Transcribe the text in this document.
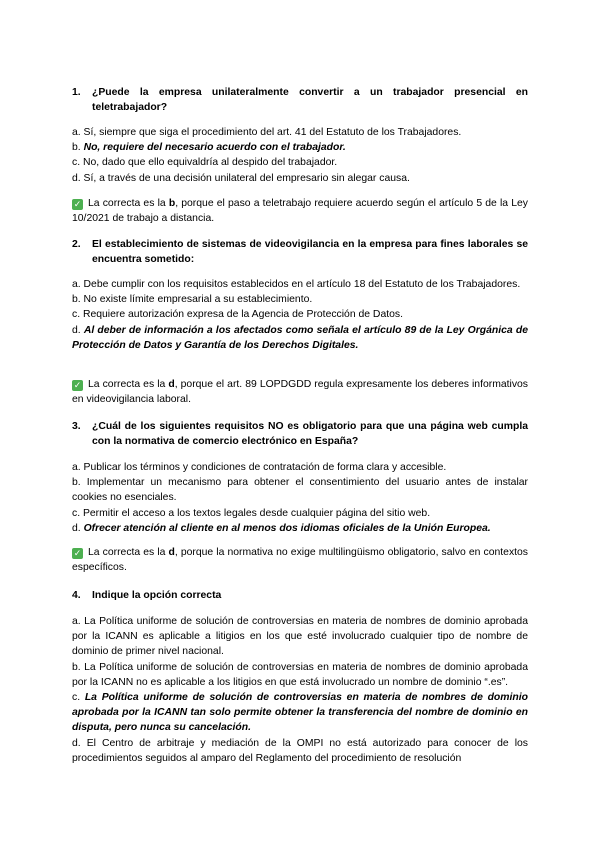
1. ¿Puede la empresa unilateralmente convertir a un trabajador presencial en teletrabajador?
a. Sí, siempre que siga el procedimiento del art. 41 del Estatuto de los Trabajadores.
b. No, requiere del necesario acuerdo con el trabajador.
c. No, dado que ello equivaldría al despido del trabajador.
d. Sí, a través de una decisión unilateral del empresario sin alegar causa.
✓ La correcta es la b, porque el paso a teletrabajo requiere acuerdo según el artículo 5 de la Ley 10/2021 de trabajo a distancia.
2. El establecimiento de sistemas de videovigilancia en la empresa para fines laborales se encuentra sometido:
a. Debe cumplir con los requisitos establecidos en el artículo 18 del Estatuto de los Trabajadores.
b. No existe límite empresarial a su establecimiento.
c. Requiere autorización expresa de la Agencia de Protección de Datos.
d. Al deber de información a los afectados como señala el artículo 89 de la Ley Orgánica de Protección de Datos y Garantía de los Derechos Digitales.
✓ La correcta es la d, porque el art. 89 LOPDGDD regula expresamente los deberes informativos en videovigilancia laboral.
3. ¿Cuál de los siguientes requisitos NO es obligatorio para que una página web cumpla con la normativa de comercio electrónico en España?
a. Publicar los términos y condiciones de contratación de forma clara y accesible.
b. Implementar un mecanismo para obtener el consentimiento del usuario antes de instalar cookies no esenciales.
c. Permitir el acceso a los textos legales desde cualquier página del sitio web.
d. Ofrecer atención al cliente en al menos dos idiomas oficiales de la Unión Europea.
✓ La correcta es la d, porque la normativa no exige multilingüismo obligatorio, salvo en contextos específicos.
4. Indique la opción correcta
a. La Política uniforme de solución de controversias en materia de nombres de dominio aprobada por la ICANN es aplicable a litigios en los que esté involucrado cualquier tipo de nombre de dominio de primer nivel nacional.
b. La Política uniforme de solución de controversias en materia de nombres de dominio aprobada por la ICANN no es aplicable a los litigios en que está involucrado un nombre de dominio “.es”.
c. La Política uniforme de solución de controversias en materia de nombres de dominio aprobada por la ICANN tan solo permite obtener la transferencia del nombre de dominio en disputa, pero nunca su cancelación.
d. El Centro de arbitraje y mediación de la OMPI no está autorizado para conocer de los procedimientos seguidos al amparo del Reglamento del procedimiento de resolución
